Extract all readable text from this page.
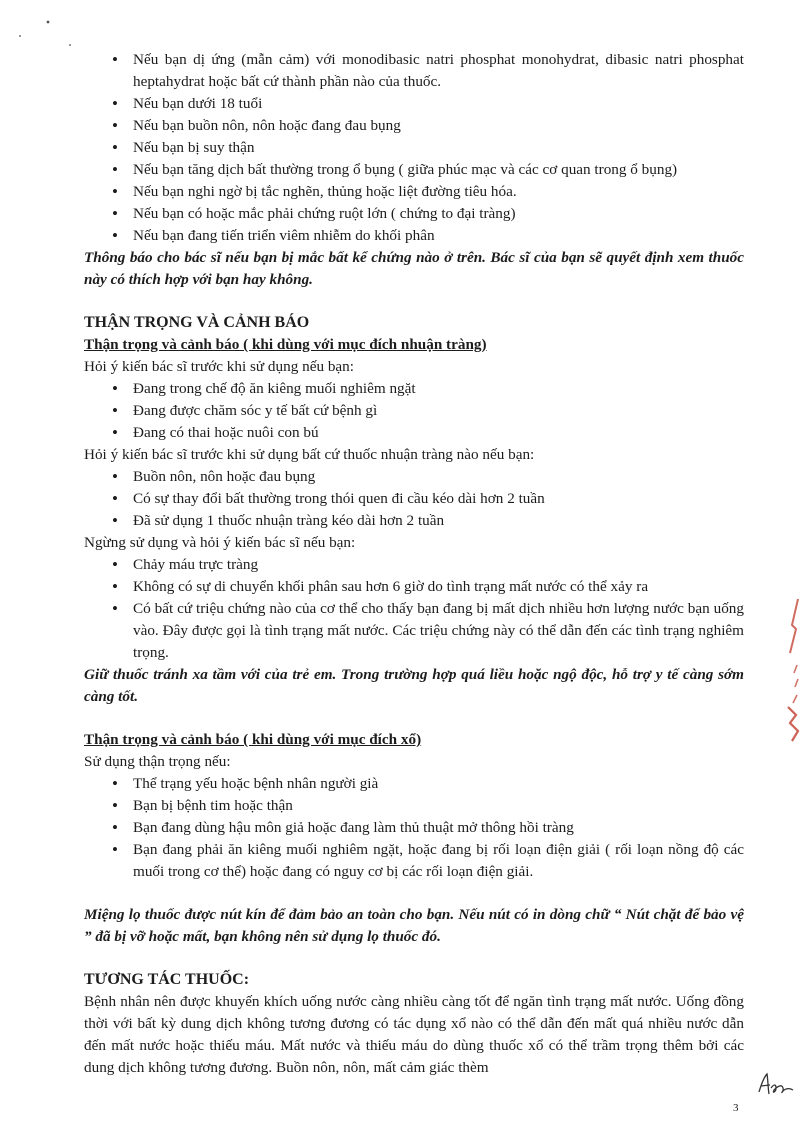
• Nếu bạn dị ứng (mẫn cảm) với monodibasic natri phosphat monohydrat, dibasic natri phosphat heptahydrat hoặc bất cứ thành phần nào của thuốc.
• Nếu bạn dưới 18 tuổi
• Nếu bạn buồn nôn, nôn hoặc đang đau bụng
• Nếu bạn bị suy thận
• Nếu bạn tăng dịch bất thường trong ổ bụng ( giữa phúc mạc và các cơ quan trong ổ bụng)
• Nếu bạn nghi ngờ bị tắc nghẽn, thủng hoặc liệt đường tiêu hóa.
• Nếu bạn có hoặc mắc phải chứng ruột lớn ( chứng to đại tràng)
• Nếu bạn đang tiến triển viêm nhiễm do khối phân
Thông báo cho bác sĩ nếu bạn bị mắc bất kể chứng nào ở trên. Bác sĩ của bạn sẽ quyết định xem thuốc này có thích hợp với bạn hay không.
THẬN TRỌNG VÀ CẢNH BÁO
Thận trọng và cảnh báo ( khi dùng với mục đích nhuận tràng)
Hỏi ý kiến bác sĩ trước khi sử dụng nếu bạn:
• Đang trong chế độ ăn kiêng muối nghiêm ngặt
• Đang được chăm sóc y tế bất cứ bệnh gì
• Đang có thai hoặc nuôi con bú
Hỏi ý kiến bác sĩ trước khi sử dụng bất cứ thuốc nhuận tràng nào nếu bạn:
• Buồn nôn, nôn hoặc đau bụng
• Có sự thay đổi bất thường trong thói quen đi cầu kéo dài hơn 2 tuần
• Đã sử dụng 1 thuốc nhuận tràng kéo dài hơn 2 tuần
Ngừng sử dụng và hỏi ý kiến bác sĩ nếu bạn:
• Chảy máu trực tràng
• Không có sự di chuyển khối phân sau hơn 6 giờ do tình trạng mất nước có thể xảy ra
• Có bất cứ triệu chứng nào của cơ thể cho thấy bạn đang bị mất dịch nhiều hơn lượng nước bạn uống vào. Đây được gọi là tình trạng mất nước. Các triệu chứng này có thể dẫn đến các tình trạng nghiêm trọng.
Giữ thuốc tránh xa tầm với của trẻ em. Trong trường hợp quá liều hoặc ngộ độc, hỗ trợ y tế càng sớm càng tốt.
Thận trọng và cảnh báo ( khi dùng với mục đích xổ)
Sử dụng thận trọng nếu:
• Thể trạng yếu hoặc bệnh nhân người già
• Bạn bị bệnh tim hoặc thận
• Bạn đang dùng hậu môn giả hoặc đang làm thủ thuật mở thông hồi tràng
• Bạn đang phải ăn kiêng muối nghiêm ngặt, hoặc đang bị rối loạn điện giải ( rối loạn nồng độ các muối trong cơ thể) hoặc đang có nguy cơ bị các rối loạn điện giải.
Miệng lọ thuốc được nút kín để đảm bảo an toàn cho bạn. Nếu nút có in dòng chữ “ Nút chặt để bảo vệ ” đã bị vỡ hoặc mất, bạn không nên sử dụng lọ thuốc đó.
TƯƠNG TÁC THUỐC:
Bệnh nhân nên được khuyến khích uống nước càng nhiều càng tốt để ngăn tình trạng mất nước. Uống đồng thời với bất kỳ dung dịch không tương đương có tác dụng xổ nào có thể dẫn đến mất quá nhiều nước dẫn đến mất nước hoặc thiếu máu. Mất nước và thiếu máu do dùng thuốc xổ có thể trầm trọng thêm bởi các dung dịch không tương đương. Buồn nôn, nôn, mất cảm giác thèm
3
